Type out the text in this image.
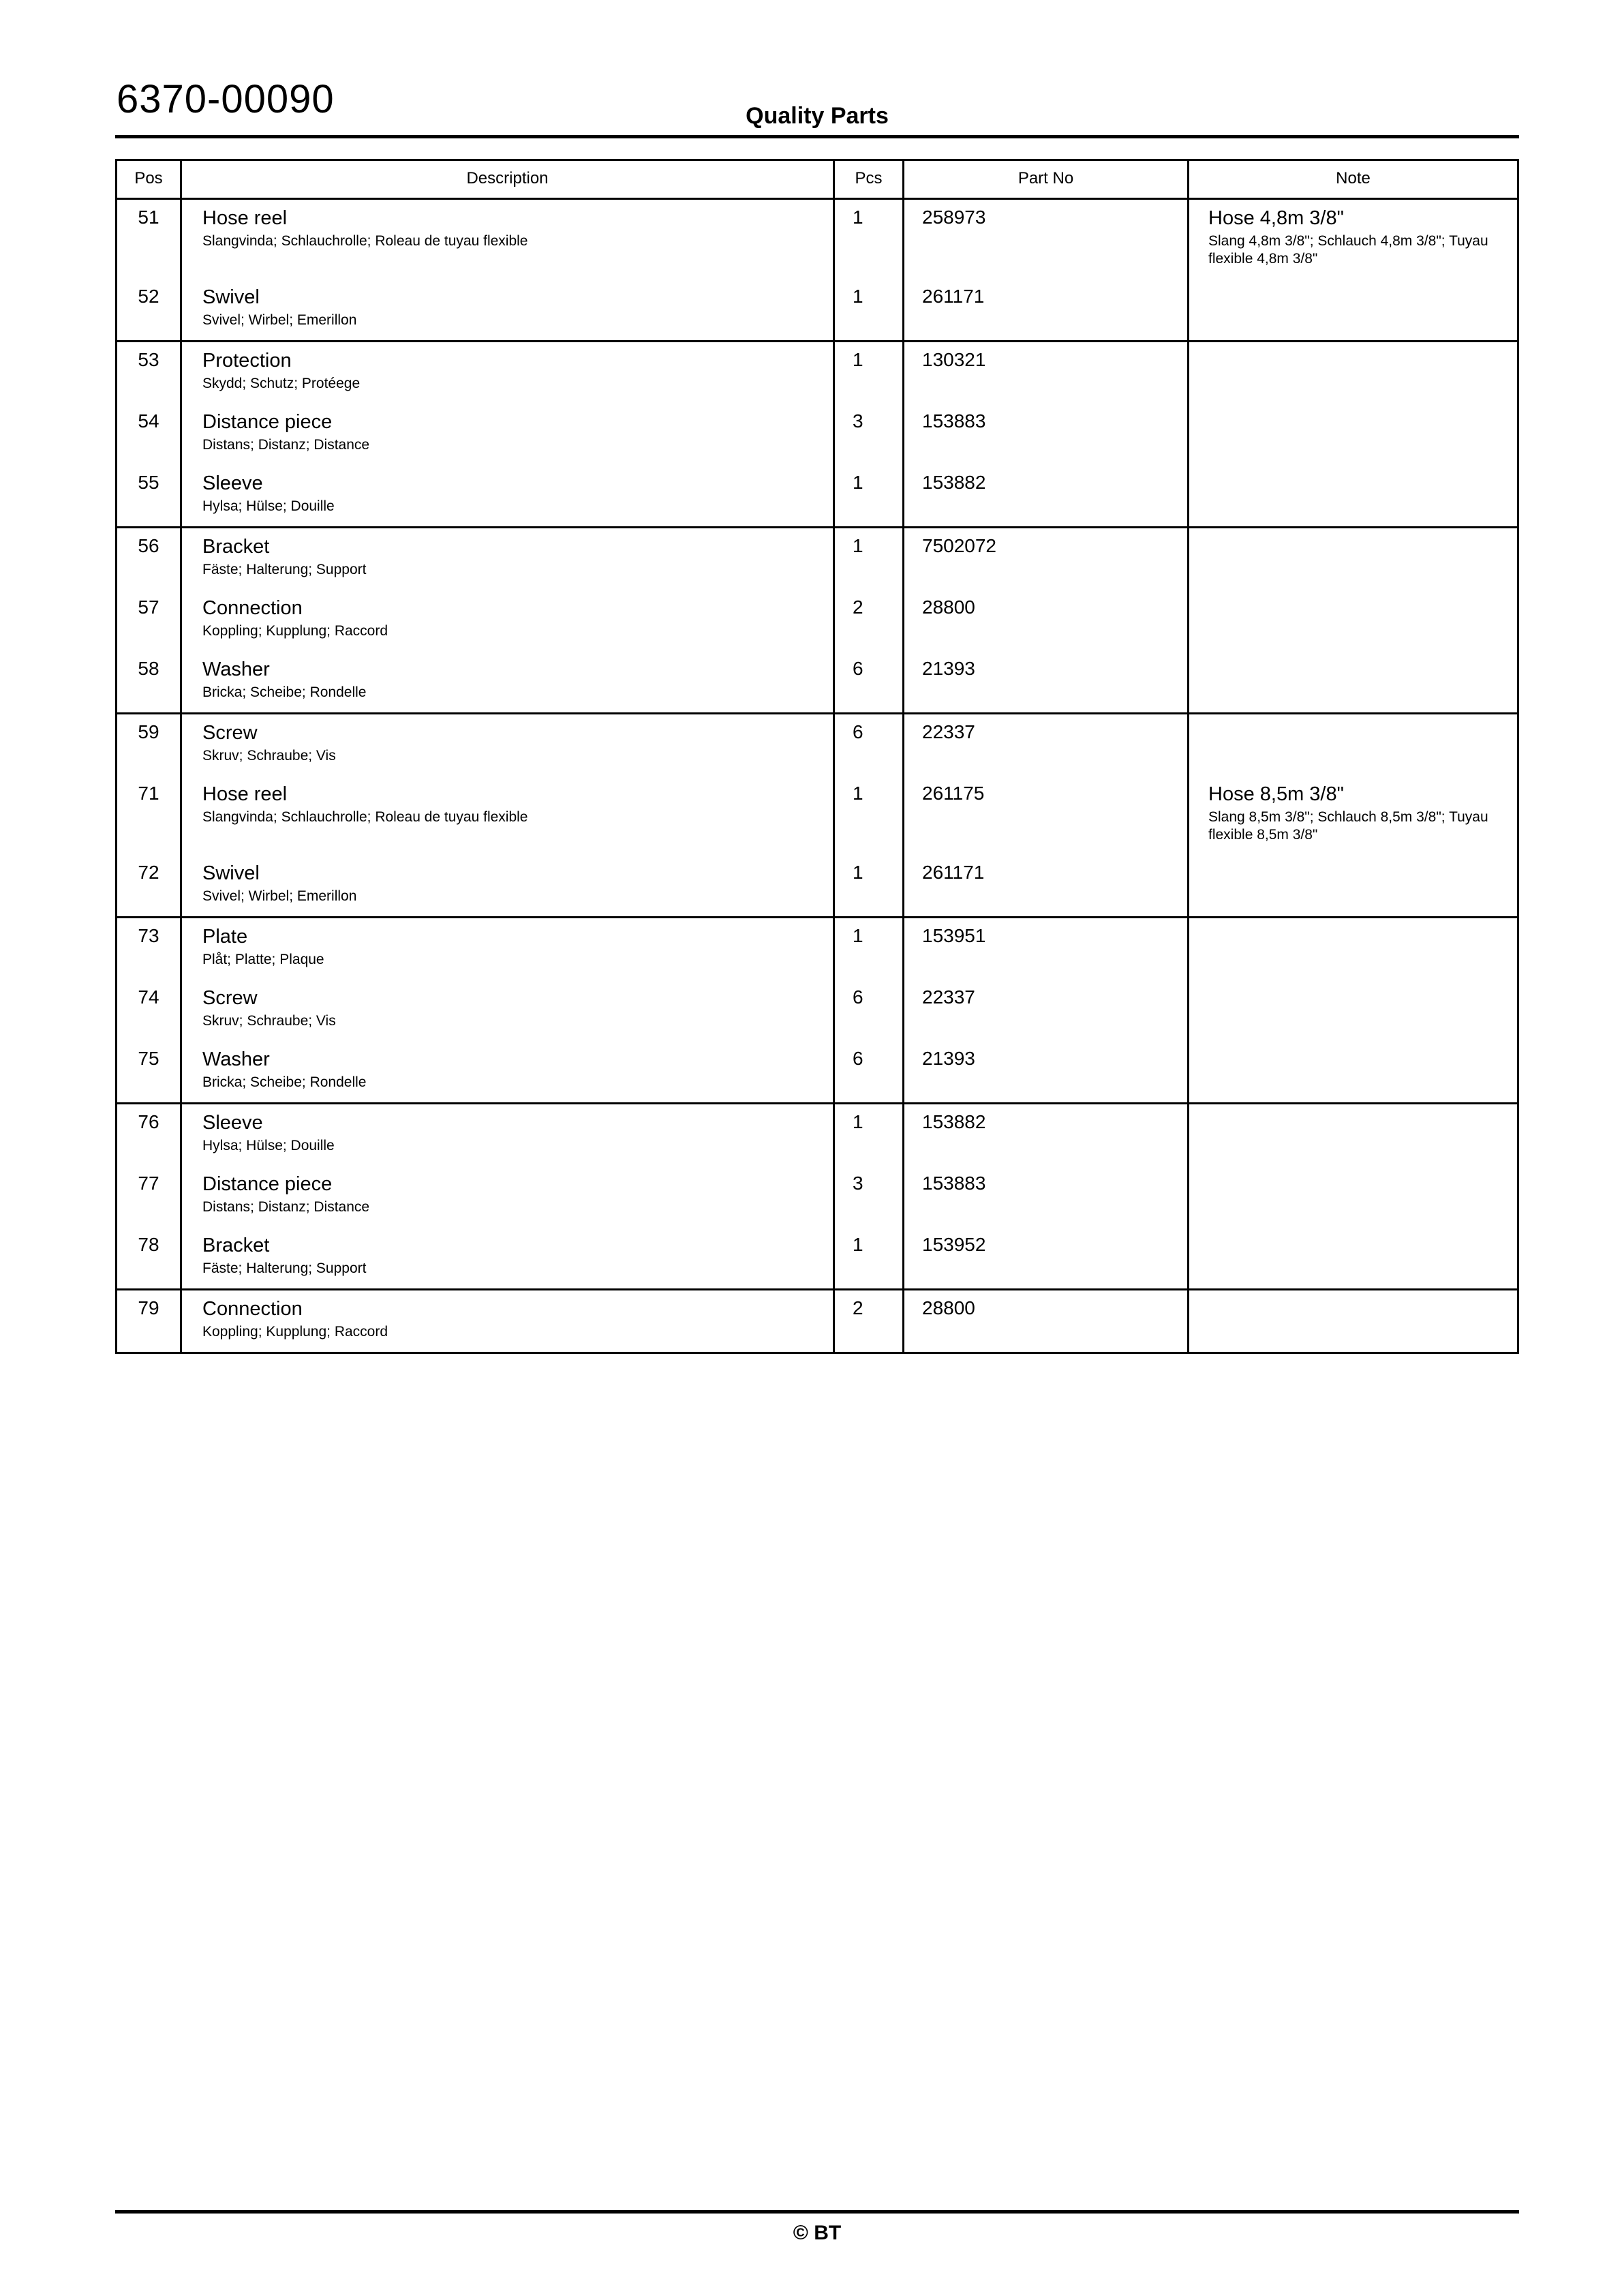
6370-00090	Quality Parts
Pos	Description	Pcs	Part No	Note
51	Hose reel
Slangvinda; Schlauchrolle; Roleau de tuyau flexible
	1	258973	Hose 4,8m 3/8"
Slang 4,8m 3/8"; Schlauch 4,8m 3/8"; Tuyau flexible 4,8m 3/8"

52	Swivel
Svivel; Wirbel; Emerillon	1	261171	
53	Protection
Skydd; Schutz; Protéege	1	130321	
54	Distance piece
Distans; Distanz; Distance	3	153883	
55	Sleeve
Hylsa; Hülse; Douille	1	153882	
56	Bracket
Fäste; Halterung; Support	1	7502072	
57	Connection
Koppling; Kupplung; Raccord	2	28800	
58	Washer
Bricka; Scheibe; Rondelle	6	21393	
59	Screw
Skruv; Schraube; Vis	6	22337	
71	Hose reel
Slangvinda; Schlauchrolle; Roleau de tuyau flexible
	1	261175	Hose 8,5m 3/8"
Slang 8,5m 3/8"; Schlauch 8,5m 3/8"; Tuyau flexible 8,5m 3/8"

72	Swivel
Svivel; Wirbel; Emerillon	1	261171	
73	Plate
Plåt; Platte; Plaque	1	153951	
74	Screw
Skruv; Schraube; Vis	6	22337	
75	Washer
Bricka; Scheibe; Rondelle	6	21393	
76	Sleeve
Hylsa; Hülse; Douille	1	153882	
77	Distance piece
Distans; Distanz; Distance	3	153883	
78	Bracket
Fäste; Halterung; Support	1	153952	
79	Connection
Koppling; Kupplung; Raccord	2	28800	
© BT
